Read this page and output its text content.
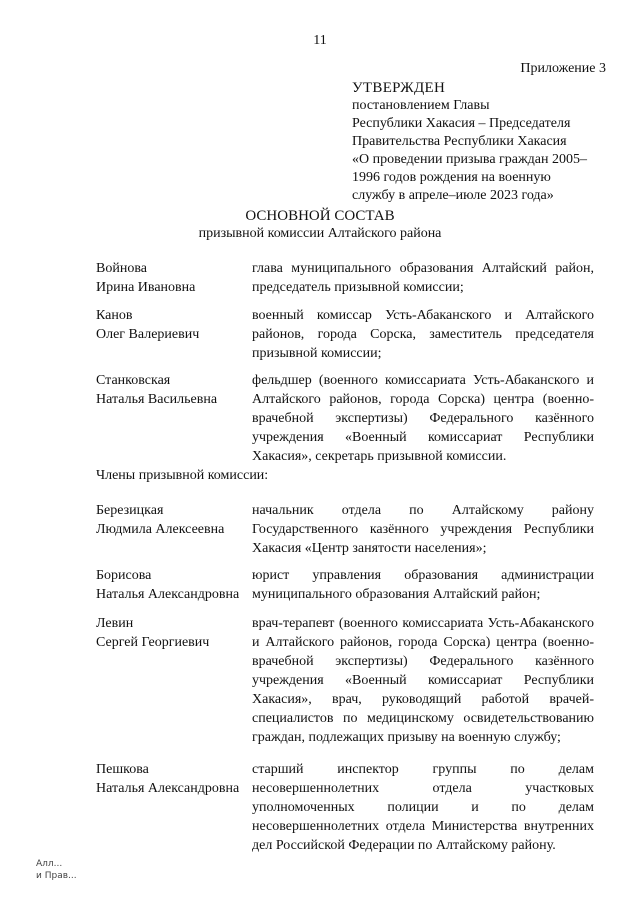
11
Приложение 3
УТВЕРЖДЕН
постановлением Главы
Республики Хакасия – Председателя
Правительства Республики Хакасия
«О проведении призыва граждан 2005–
1996 годов рождения на военную
службу в апреле–июле 2023 года»
ОСНОВНОЙ СОСТАВ
призывной комиссии Алтайского района
Войнова
Ирина Ивановна
глава муниципального образования Алтайский район, председатель призывной комиссии;
Канов
Олег Валериевич
военный комиссар Усть-Абаканского и Алтайского районов, города Сорска, заместитель председателя призывной комиссии;
Станковская
Наталья Васильевна
фельдшер (военного комиссариата Усть-Абаканского и Алтайского районов, города Сорска) центра (военно-врачебной экспертизы) Федерального казённого учреждения «Военный комиссариат Республики Хакасия», секретарь призывной комиссии.
Члены призывной комиссии:
Березицкая
Людмила Алексеевна
начальник отдела по Алтайскому району Государственного казённого учреждения Республики Хакасия «Центр занятости населения»;
Борисова
Наталья Александровна
юрист управления образования администрации муниципального образования Алтайский район;
Левин
Сергей Георгиевич
врач-терапевт (военного комиссариата Усть-Абаканского и Алтайского районов, города Сорска) центра (военно-врачебной экспертизы) Федерального казённого учреждения «Военный комиссариат Республики Хакасия», врач, руководящий работой врачей-специалистов по медицинскому освидетельствованию граждан, подлежащих призыву на военную службу;
Пешкова
Наталья Александровна
старший инспектор группы по делам несовершеннолетних отдела участковых уполномоченных полиции и по делам несовершеннолетних отдела Министерства внутренних дел Российской Федерации по Алтайскому району.
Алл...
и Прав...
